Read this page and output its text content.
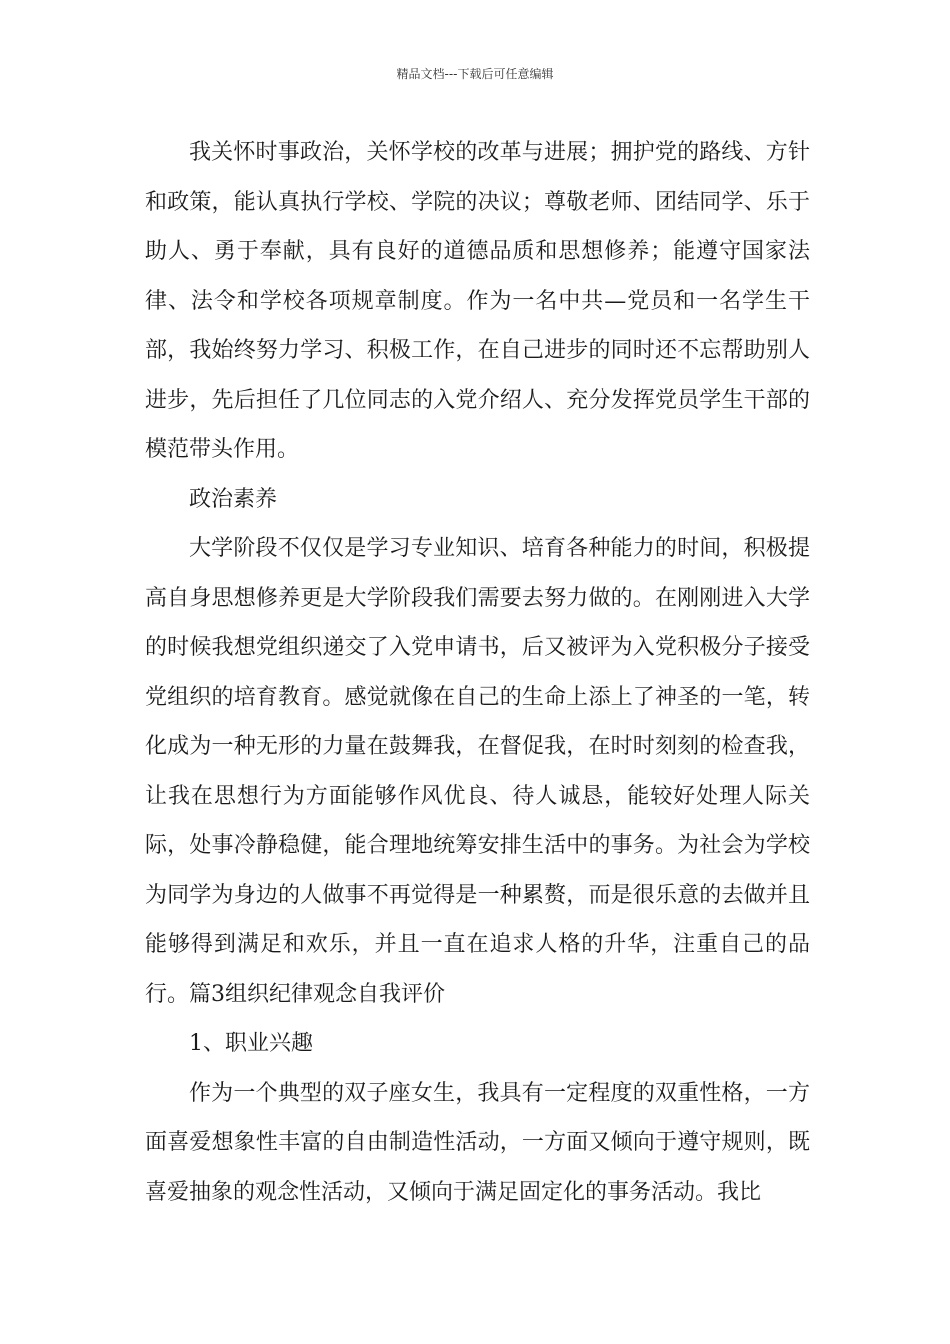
精品文档---下载后可任意编辑

我关怀时事政治，关怀学校的改革与进展；拥护党的路线、方针和政策，能认真执行学校、学院的决议；尊敬老师、团结同学、乐于助人、勇于奉献，具有良好的道德品质和思想修养；能遵守国家法律、法令和学校各项规章制度。作为一名中共—党员和一名学生干部，我始终努力学习、积极工作，在自己进步的同时还不忘帮助别人进步，先后担任了几位同志的入党介绍人、充分发挥党员学生干部的模范带头作用。

政治素养

大学阶段不仅仅是学习专业知识、培育各种能力的时间，积极提高自身思想修养更是大学阶段我们需要去努力做的。在刚刚进入大学的时候我想党组织递交了入党申请书，后又被评为入党积极分子接受党组织的培育教育。感觉就像在自己的生命上添上了神圣的一笔，转化成为一种无形的力量在鼓舞我，在督促我，在时时刻刻的检查我，让我在思想行为方面能够作风优良、待人诚恳，能较好处理人际关际，处事冷静稳健，能合理地统筹安排生活中的事务。为社会为学校为同学为身边的人做事不再觉得是一种累赘，而是很乐意的去做并且能够得到满足和欢乐，并且一直在追求人格的升华，注重自己的品行。篇3组织纪律观念自我评价

1、职业兴趣

作为一个典型的双子座女生，我具有一定程度的双重性格，一方面喜爱想象性丰富的自由制造性活动，一方面又倾向于遵守规则，既喜爱抽象的观念性活动，又倾向于满足固定化的事务活动。我比
